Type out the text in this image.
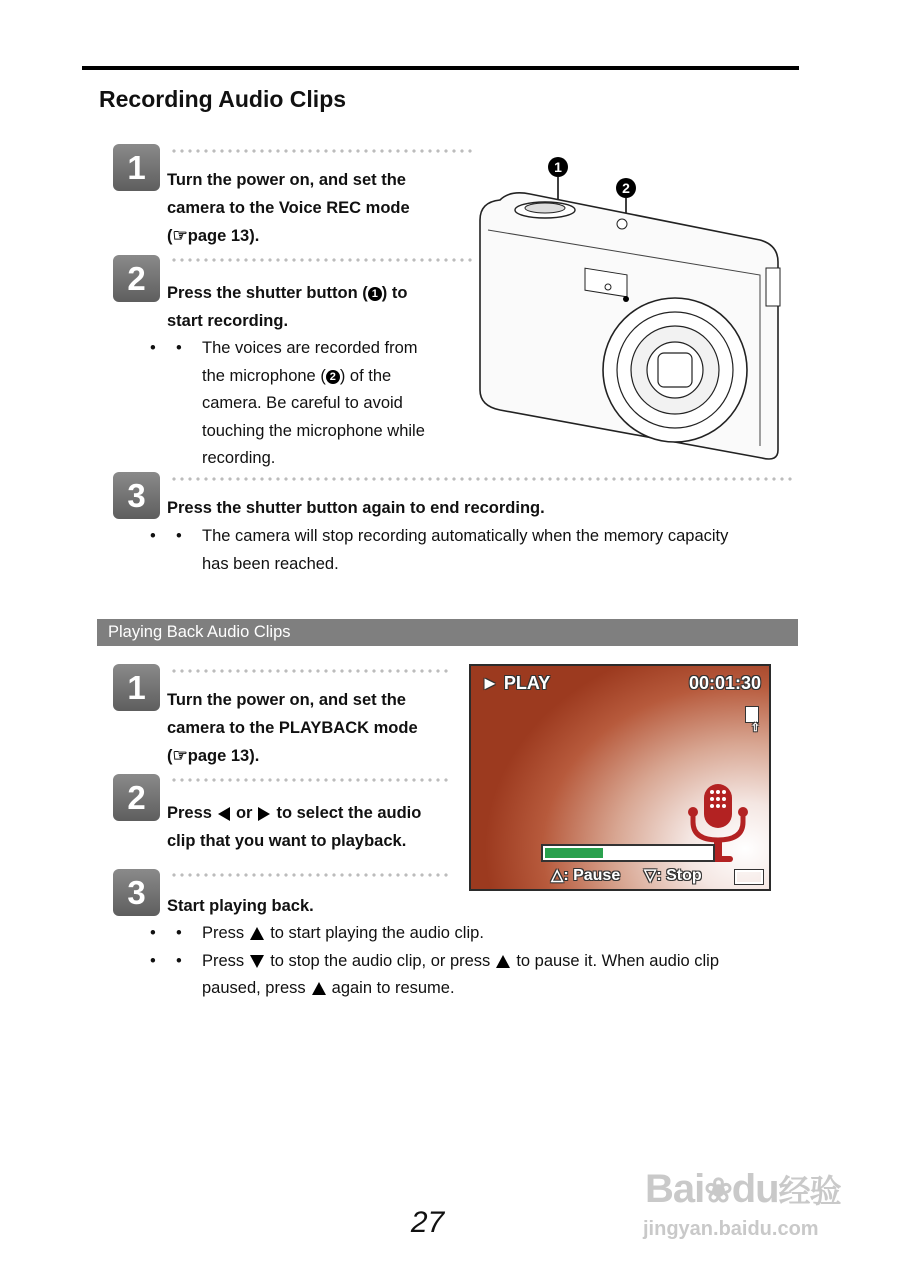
Recording Audio Clips
1	Turn the power on, and set the
camera to the Voice REC mode
(☞page 13).
2	Press the shutter button ( 1 ) to
start recording.
• • The voices are recorded from
the microphone ( 2 ) of the
camera. Be careful to avoid
touching the microphone while
recording.
1
2
3	Press the shutter button again to end recording.
• • The camera will stop recording automatically when the memory capacity
has been reached.
Playing Back Audio Clips
1	Turn the power on, and set the
camera to the PLAYBACK mode
(☞page 13).
2	Press or to select the audio
clip that you want to playback.
► PLAY	00:01:30
⇧
△: Pause ▽: Stop
3	Start playing back.
• • Press to start playing the audio clip.
• • Press to stop the audio clip, or press to pause it. When audio clip
paused, press again to resume.
27
Bai❀du经验
jingyan.baidu.com
